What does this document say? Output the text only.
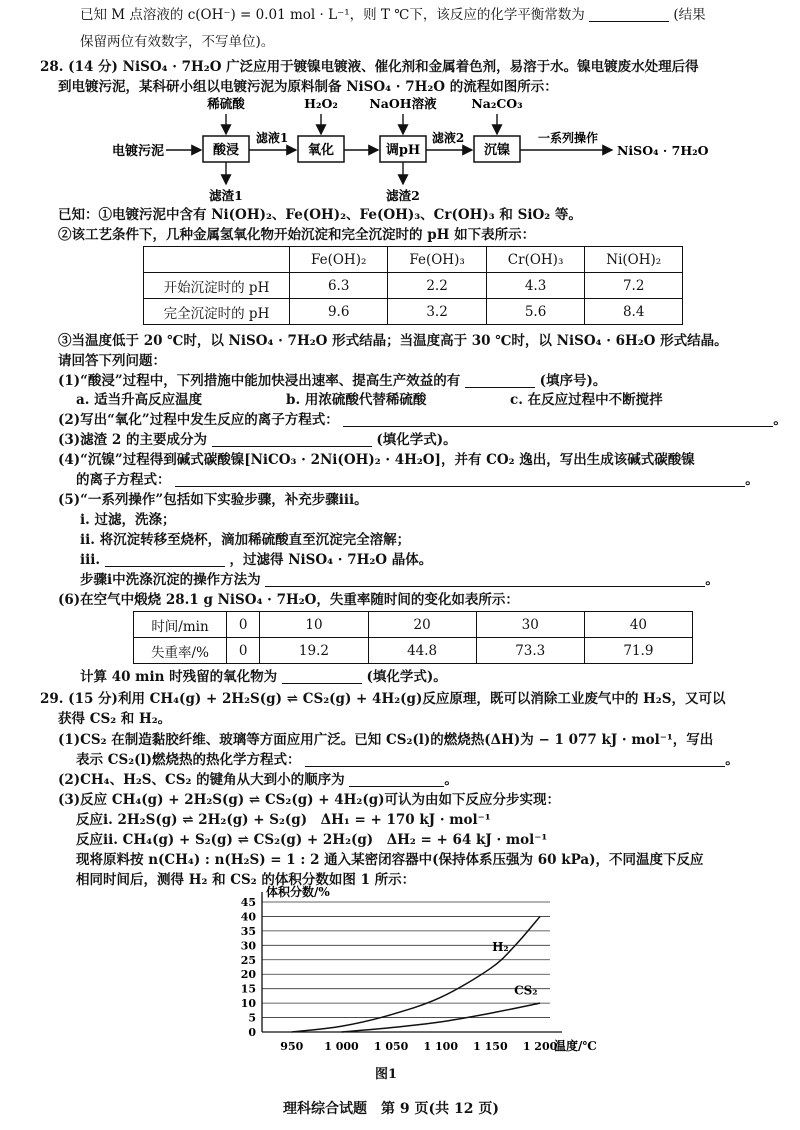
已知 M 点溶液的 c(OH⁻) = 0.01 mol · L⁻¹，则 T ℃下，该反应的化学平衡常数为	(结果
保留两位有效数字，不写单位)。
28. (14 分) NiSO₄ · 7H₂O 广泛应用于镀镍电镀液、催化剂和金属着色剂，易溶于水。镍电镀废水处理后得
到电镀污泥，某科研小组以电镀污泥为原料制备 NiSO₄ · 7H₂O 的流程如图所示：
电镀污泥	酸浸
滤液1
氧化	调pH
滤液2
沉镍
一系列操作
NiSO₄ · 7H₂O
稀硫酸	H₂O₂	NaOH溶液	Na₂CO₃
滤渣1	滤渣2
已知：①电镀污泥中含有 Ni(OH)₂、Fe(OH)₂、Fe(OH)₃、Cr(OH)₃ 和 SiO₂ 等。
②该工艺条件下，几种金属氢氧化物开始沉淀和完全沉淀时的 pH 如下表所示：
	Fe(OH)₂	Fe(OH)₃	Cr(OH)₃	Ni(OH)₂
开始沉淀时的 pH	6.3	2.2	4.3	7.2
完全沉淀时的 pH	9.6	3.2	5.6	8.4
③当温度低于 20 ℃时，以 NiSO₄ · 7H₂O 形式结晶；当温度高于 30 ℃时，以 NiSO₄ · 6H₂O 形式结晶。
请回答下列问题：
(1)“酸浸”过程中，下列措施中能加快浸出速率、提高生产效益的有	(填序号)。
a. 适当升高反应温度	b. 用浓硫酸代替稀硫酸	c. 在反应过程中不断搅拌
(2)写出“氧化”过程中发生反应的离子方程式：	。
(3)滤渣 2 的主要成分为	(填化学式)。
(4)“沉镍”过程得到碱式碳酸镍[NiCO₃ · 2Ni(OH)₂ · 4H₂O]，并有 CO₂ 逸出，写出生成该碱式碳酸镍
的离子方程式：	。
(5)“一系列操作”包括如下实验步骤，补充步骤ⅲ。
ⅰ. 过滤，洗涤；
ⅱ. 将沉淀转移至烧杯，滴加稀硫酸直至沉淀完全溶解；
ⅲ.	，过滤得 NiSO₄ · 7H₂O 晶体。
步骤ⅰ中洗涤沉淀的操作方法为	。
(6)在空气中煅烧 28.1 g NiSO₄ · 7H₂O，失重率随时间的变化如表所示：
时间/min	0	10	20	30	40
失重率/%	0	19.2	44.8	73.3	71.9
计算 40 min 时残留的氧化物为	(填化学式)。
29. (15 分)利用 CH₄(g) + 2H₂S(g) ⇌ CS₂(g) + 4H₂(g)反应原理，既可以消除工业废气中的 H₂S，又可以
获得 CS₂ 和 H₂。
(1)CS₂ 在制造黏胶纤维、玻璃等方面应用广泛。已知 CS₂(l)的燃烧热(ΔH)为 − 1 077 kJ · mol⁻¹，写出
表示 CS₂(l)燃烧热的热化学方程式：	。
(2)CH₄、H₂S、CS₂ 的键角从大到小的顺序为	。
(3)反应 CH₄(g) + 2H₂S(g) ⇌ CS₂(g) + 4H₂(g)可认为由如下反应分步实现：
反应ⅰ. 2H₂S(g) ⇌ 2H₂(g) + S₂(g)　ΔH₁ = + 170 kJ · mol⁻¹
反应ⅱ. CH₄(g) + S₂(g) ⇌ CS₂(g) + 2H₂(g)　ΔH₂ = + 64 kJ · mol⁻¹
现将原料按 n(CH₄) : n(H₂S) = 1 : 2 通入某密闭容器中(保持体系压强为 60 kPa)，不同温度下反应
相同时间后，测得 H₂ 和 CS₂ 的体积分数如图 1 所示：
0
5
10
15
20
25
30
35
40
45
体积分数/%
温度/℃
950 1 000 1 050 1 100 1 150 1 200
H₂
CS₂
图1
理科综合试题　第 9 页(共 12 页)
